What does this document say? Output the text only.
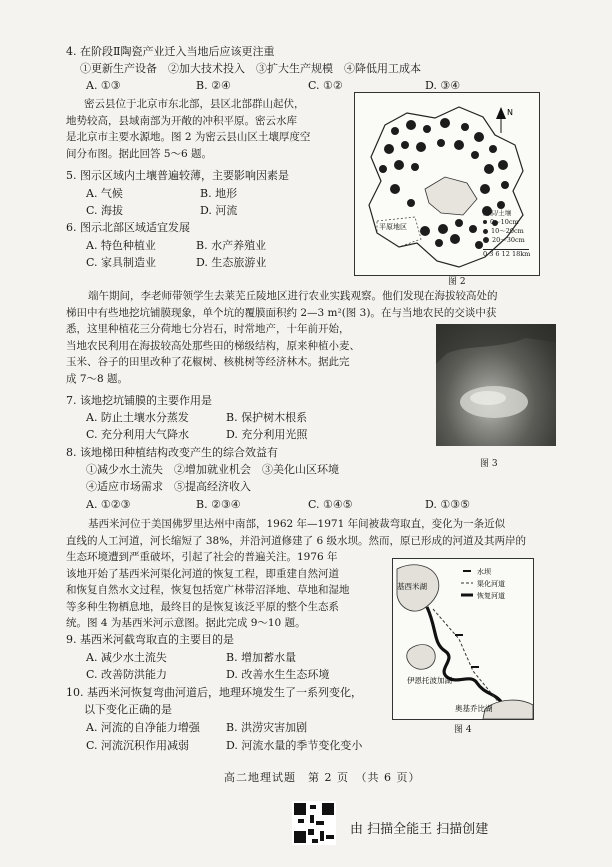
4. 在阶段Ⅱ陶瓷产业迁入当地后应该更注重
①更新生产设备　②加大技术投入　③扩大生产规模　④降低用工成本
A. ①③	B. ②④	C. ①②	D. ③④
密云县位于北京市东北部，县区北部群山起伏，
地势较高，县域南部为开敞的冲积平原。密云水库
是北京市主要水源地。图 2 为密云县山区土壤厚度空
间分布图。据此回答 5～6 题。
5. 图示区域内土壤普遍较薄，主要影响因素是
A. 气候	B. 地形
C. 海拔	D. 河流
6. 图示北部区域适宜发展
A. 特色种植业	B. 水产养殖业
C. 家具制造业	D. 生态旅游业
N
平原地区
面积/土壤
0～10cm
10～20cm
20～30cm
0 3 6 12 18km
图 2
端午期间，李老师带领学生去莱芜丘陵地区进行农业实践观察。他们发现在海拔较高处的
梯田中有些地挖坑铺膜现象，单个坑的覆膜面积约 2—3 m²(图 3)。在与当地农民的交谈中获
悉，这里种植花三分荷地七分岩石，时常地产，十年前开始，
当地农民利用在海拔较高处那些田的梯级结构，原来种植小麦、
玉米、谷子的田里改种了花椒树、核桃树等经济林木。据此完
成 7～8 题。
7. 该地挖坑铺膜的主要作用是
A. 防止土壤水分蒸发	B. 保护树木根系
C. 充分利用大气降水	D. 充分利用光照
8. 该地梯田种植结构改变产生的综合效益有
①减少水土流失　②增加就业机会　③美化山区环境	图 3
④适应市场需求　⑤提高经济收入
A. ①②③	B. ②③④	C. ①④⑤	D. ①③⑤
基西米河位于美国佛罗里达州中南部，1962 年—1971 年间被裁弯取直，变化为一条近似
直线的人工河道，河长缩短了 38%，并沿河道修建了 6 级水坝。然而，原已形成的河道及其两岸的
生态环境遭到严重破坏，引起了社会的普遍关注。1976 年
该地开始了基西米河渠化河道的恢复工程，即重建自然河道
和恢复自然水文过程，恢复包括宽广林带沼泽地、草地和湿地
等多种生物栖息地，最终目的是恢复该泛平原的整个生态系
统。图 4 为基西米河示意图。据此完成 9～10 题。
水坝
渠化河道
恢复河道
基西米湖
伊恩托波加湖
奥基乔比湖
图 4
9. 基西米河截弯取直的主要目的是
A. 减少水土流失	B. 增加蓄水量
C. 改善防洪能力	D. 改善水生生态环境
10. 基西米河恢复弯曲河道后，地理环境发生了一系列变化，
以下变化正确的是
A. 河流的自净能力增强 B. 洪涝灾害加剧
C. 河流沉积作用减弱	D. 河流水量的季节变化变小
高二地理试题　第 2 页　（共 6 页）
由 扫描全能王 扫描创建
